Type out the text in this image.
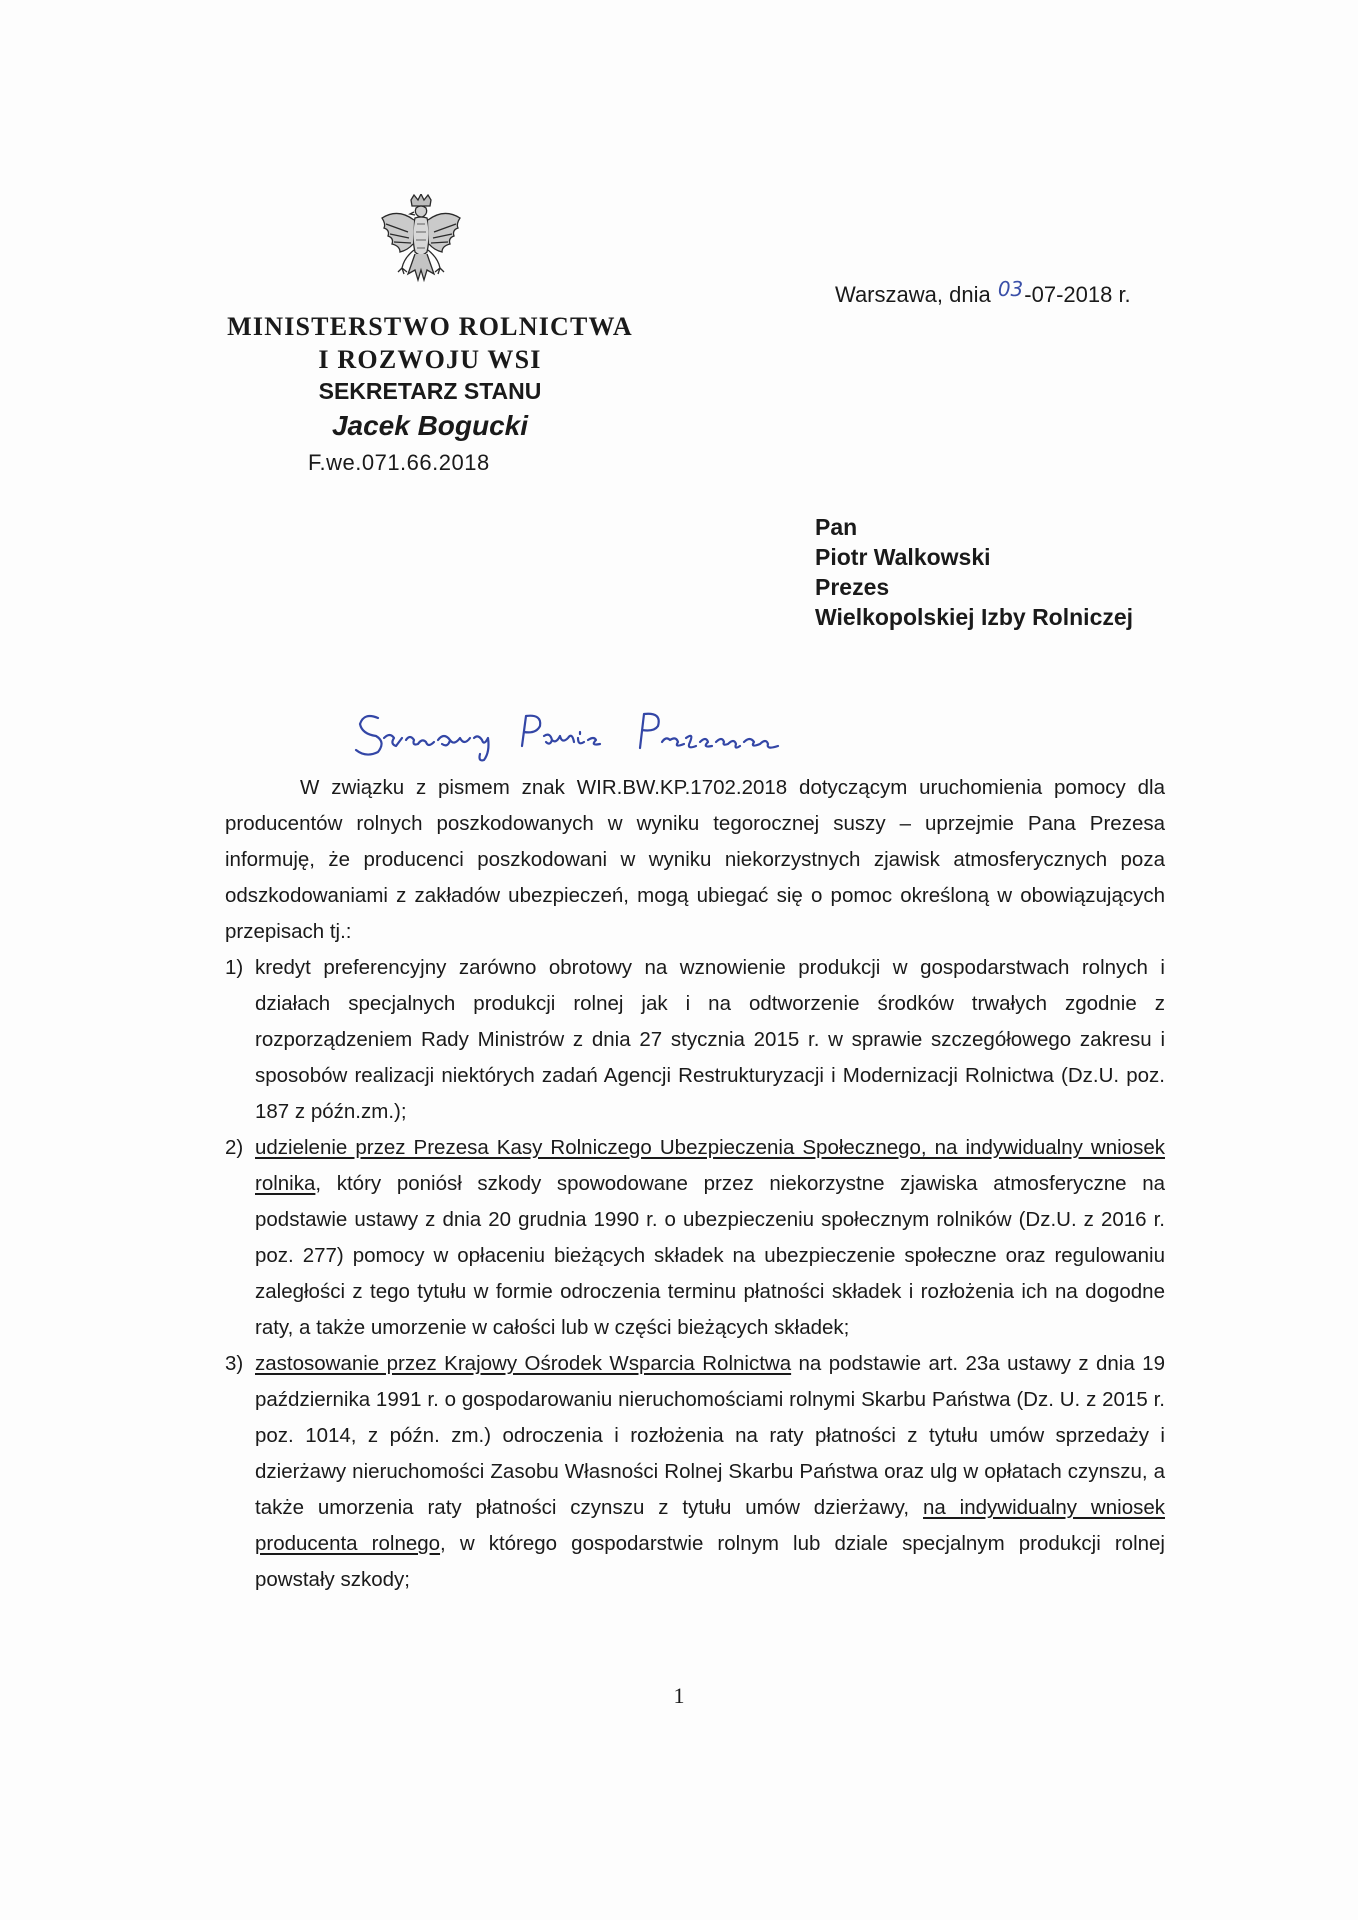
MINISTERSTWO ROLNICTWA
I ROZWOJU WSI
SEKRETARZ STANU
Jacek Bogucki
F.we.071.66.2018
Warszawa, dnia 03-07-2018 r.
Pan
Piotr Walkowski
Prezes
Wielkopolskiej Izby Rolniczej

W związku z pismem znak WIR.BW.KP.1702.2018 dotyczącym uruchomienia pomocy dla producentów rolnych poszkodowanych w wyniku tegorocznej suszy – uprzejmie Pana Prezesa informuję, że producenci poszkodowani w wyniku niekorzystnych zjawisk atmosferycznych poza odszkodowaniami z zakładów ubezpieczeń, mogą ubiegać się o pomoc określoną w obowiązujących przepisach tj.:

1) kredyt preferencyjny zarówno obrotowy na wznowienie produkcji w gospodarstwach rolnych i działach specjalnych produkcji rolnej jak i na odtworzenie środków trwałych zgodnie z rozporządzeniem Rady Ministrów z dnia 27 stycznia 2015 r. w sprawie szczegółowego zakresu i sposobów realizacji niektórych zadań Agencji Restrukturyzacji i Modernizacji Rolnictwa (Dz.U. poz. 187 z późn.zm.);
2) udzielenie przez Prezesa Kasy Rolniczego Ubezpieczenia Społecznego, na indywidualny wniosek rolnika, który poniósł szkody spowodowane przez niekorzystne zjawiska atmosferyczne na podstawie ustawy z dnia 20 grudnia 1990 r. o ubezpieczeniu społecznym rolników (Dz.U. z 2016 r. poz. 277) pomocy w opłaceniu bieżących składek na ubezpieczenie społeczne oraz regulowaniu zaległości z tego tytułu w formie odroczenia terminu płatności składek i rozłożenia ich na dogodne raty, a także umorzenie w całości lub w części bieżących składek;
3) zastosowanie przez Krajowy Ośrodek Wsparcia Rolnictwa na podstawie art. 23a ustawy z dnia 19 października 1991 r. o gospodarowaniu nieruchomościami rolnymi Skarbu Państwa (Dz. U. z 2015 r. poz. 1014, z późn. zm.) odroczenia i rozłożenia na raty płatności z tytułu umów sprzedaży i dzierżawy nieruchomości Zasobu Własności Rolnej Skarbu Państwa oraz ulg w opłatach czynszu, a także umorzenia raty płatności czynszu z tytułu umów dzierżawy, na indywidualny wniosek producenta rolnego, w którego gospodarstwie rolnym lub dziale specjalnym produkcji rolnej powstały szkody;
1
